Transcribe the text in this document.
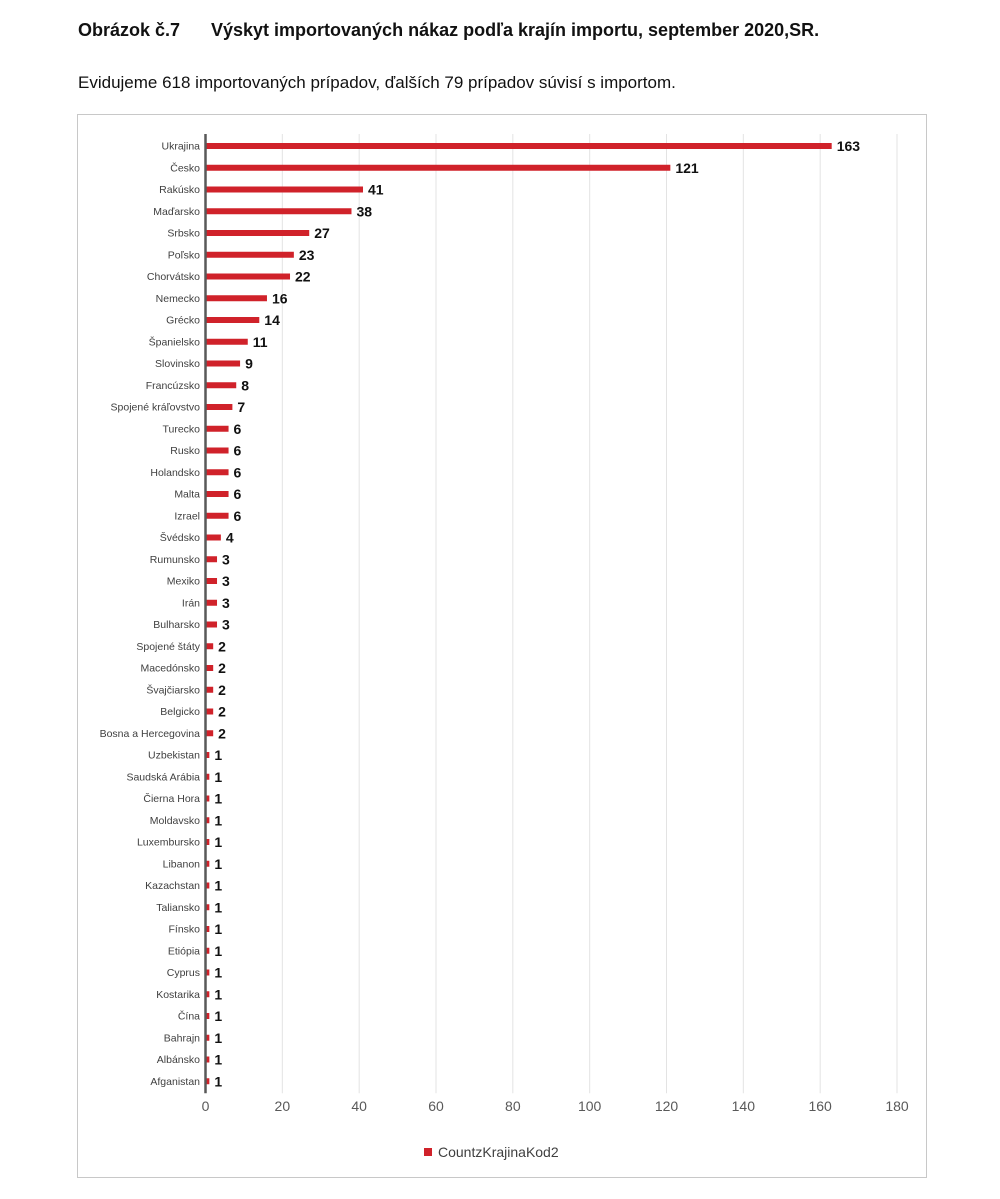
Obrázok č.7 Výskyt importovaných nákaz podľa krajín importu, september 2020,SR.
Evidujeme 618 importovaných prípadov, ďalších 79 prípadov súvisí s importom.
Ukrajina	163
Česko	121
Rakúsko	41
Maďarsko	38
Srbsko	27
Poľsko	23
Chorvátsko	22
Nemecko	16
Grécko	14
Španielsko	11
Slovinsko	9
Francúzsko	8
Spojené kráľovstvo	7
Turecko 6
Rusko 6
Holandsko 6
Malta 6
Izrael 6
Švédsko 4
Rumunsko 3
Mexiko 3
Irán 3
Bulharsko 3
Spojené štáty 2
Macedónsko 2
Švajčiarsko 2
Belgicko 2
Bosna a Hercegovina 2
Uzbekistan 1
Saudská Arábia 1
Čierna Hora 1
Moldavsko 1
Luxembursko 1
Libanon 1
Kazachstan 1
Taliansko 1
Fínsko 1
Etiópia 1
Cyprus 1
Kostarika 1
Čína 1
Bahrajn 1
Albánsko 1
Afganistan 1
0	20	40	60	80	100	120	140	160	180
CountzKrajinaKod2
